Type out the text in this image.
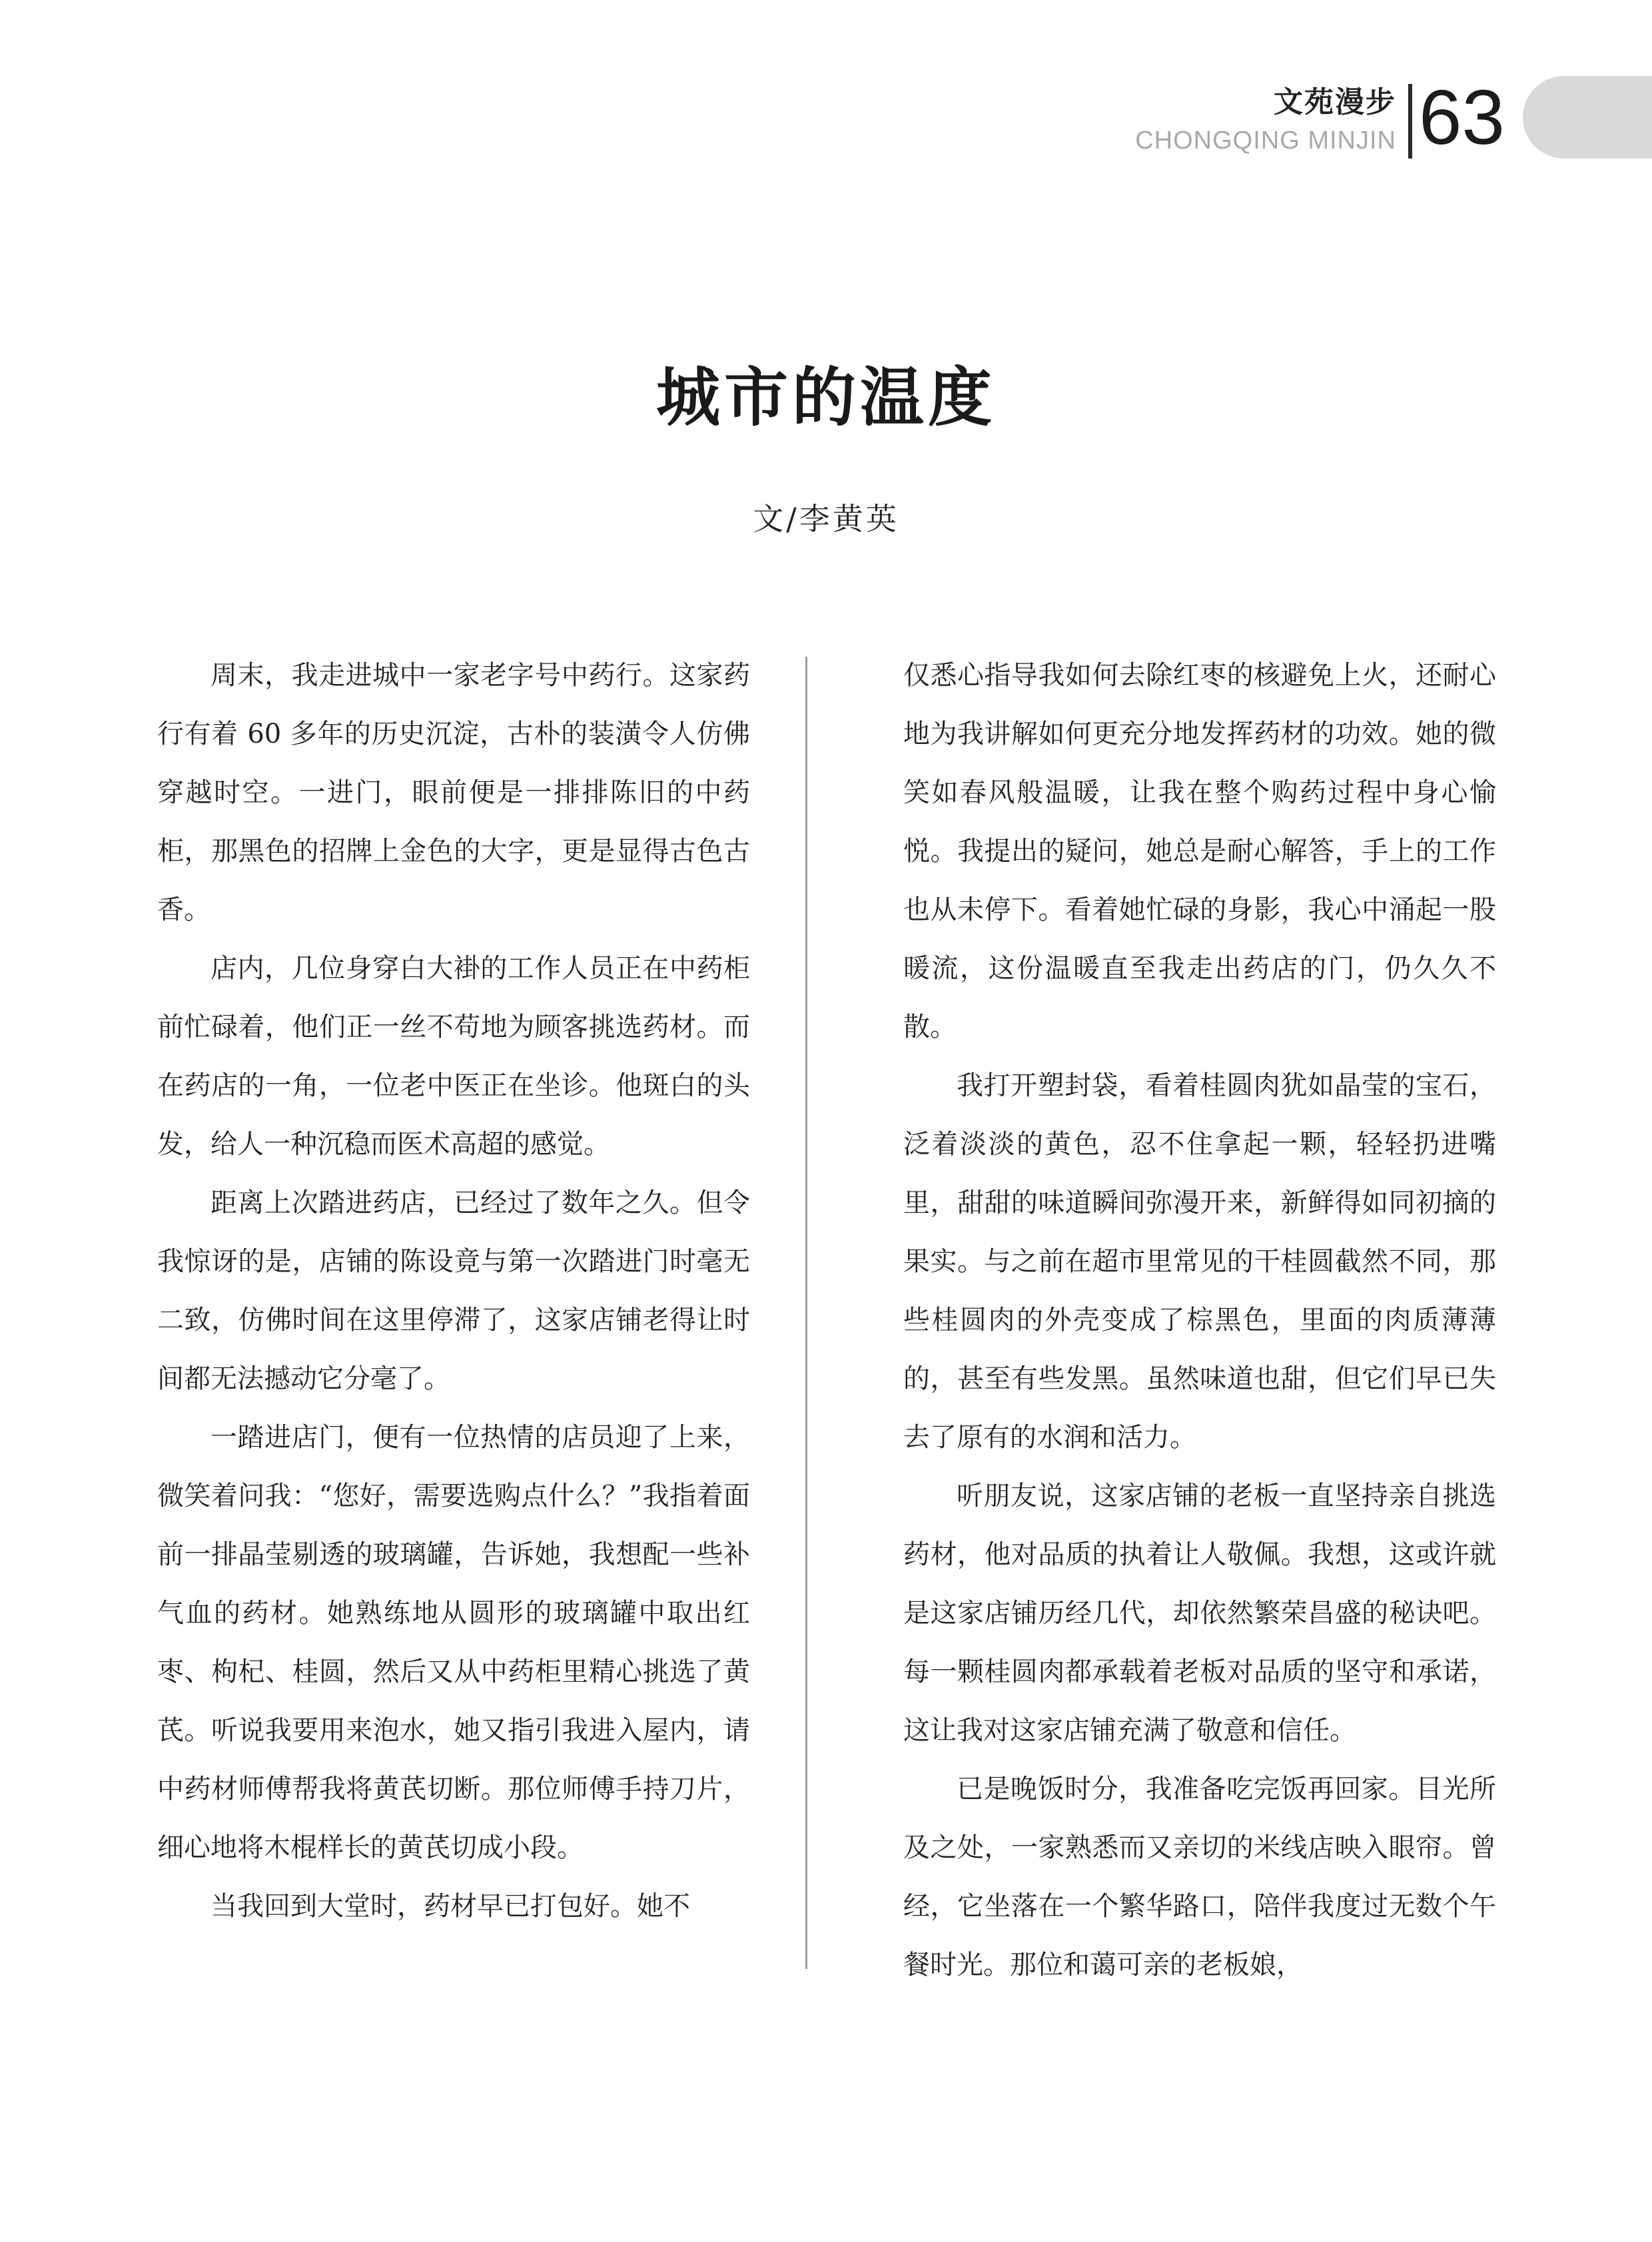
文苑漫步
CHONGQING MINJIN 63
城市的温度
文/李黄英

周末，我走进城中一家老字号中药行。这家药行有着 60 多年的历史沉淀，古朴的装潢令人仿佛穿越时空。一进门，眼前便是一排排陈旧的中药柜，那黑色的招牌上金色的大字，更是显得古色古香。

店内，几位身穿白大褂的工作人员正在中药柜前忙碌着，他们正一丝不苟地为顾客挑选药材。而在药店的一角，一位老中医正在坐诊。他斑白的头发，给人一种沉稳而医术高超的感觉。

距离上次踏进药店，已经过了数年之久。但令我惊讶的是，店铺的陈设竟与第一次踏进门时毫无二致，仿佛时间在这里停滞了，这家店铺老得让时间都无法撼动它分毫了。

一踏进店门，便有一位热情的店员迎了上来，微笑着问我：“您好，需要选购点什么？”我指着面前一排晶莹剔透的玻璃罐，告诉她，我想配一些补气血的药材。她熟练地从圆形的玻璃罐中取出红枣、枸杞、桂圆，然后又从中药柜里精心挑选了黄芪。听说我要用来泡水，她又指引我进入屋内，请中药材师傅帮我将黄芪切断。那位师傅手持刀片，细心地将木棍样长的黄芪切成小段。

当我回到大堂时，药材早已打包好。她不

仅悉心指导我如何去除红枣的核避免上火，还耐心地为我讲解如何更充分地发挥药材的功效。她的微笑如春风般温暖，让我在整个购药过程中身心愉悦。我提出的疑问，她总是耐心解答，手上的工作也从未停下。看着她忙碌的身影，我心中涌起一股暖流，这份温暖直至我走出药店的门，仍久久不散。

我打开塑封袋，看着桂圆肉犹如晶莹的宝石，泛着淡淡的黄色，忍不住拿起一颗，轻轻扔进嘴里，甜甜的味道瞬间弥漫开来，新鲜得如同初摘的果实。与之前在超市里常见的干桂圆截然不同，那些桂圆肉的外壳变成了棕黑色，里面的肉质薄薄的，甚至有些发黑。虽然味道也甜，但它们早已失去了原有的水润和活力。

听朋友说，这家店铺的老板一直坚持亲自挑选药材，他对品质的执着让人敬佩。我想，这或许就是这家店铺历经几代，却依然繁荣昌盛的秘诀吧。每一颗桂圆肉都承载着老板对品质的坚守和承诺，这让我对这家店铺充满了敬意和信任。

已是晚饭时分，我准备吃完饭再回家。目光所及之处，一家熟悉而又亲切的米线店映入眼帘。曾经，它坐落在一个繁华路口，陪伴我度过无数个午餐时光。那位和蔼可亲的老板娘，
